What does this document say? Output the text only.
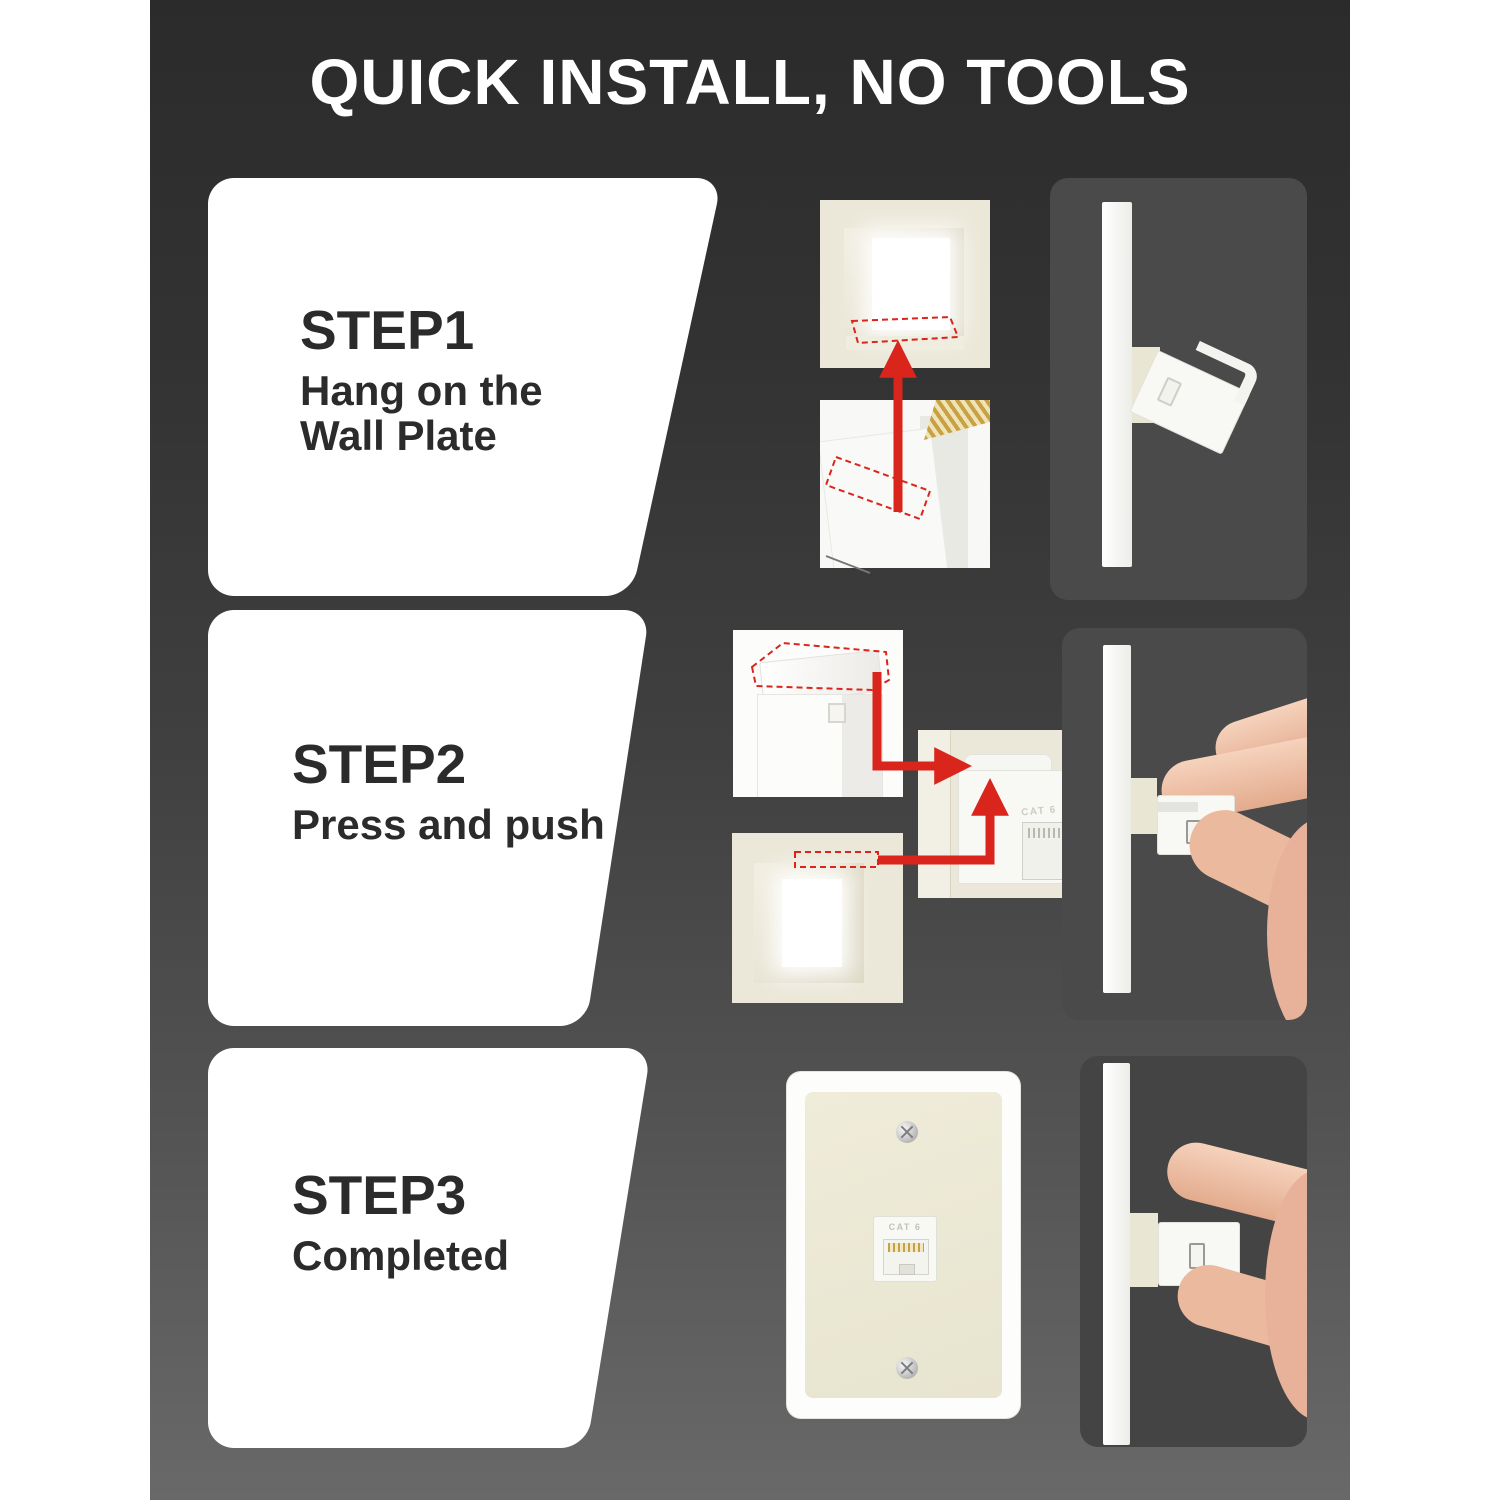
QUICK INSTALL, NO TOOLS
STEP1
Hang on the Wall Plate
STEP2
Press and push	CAT 6
STEP3
Completed
CAT 6
